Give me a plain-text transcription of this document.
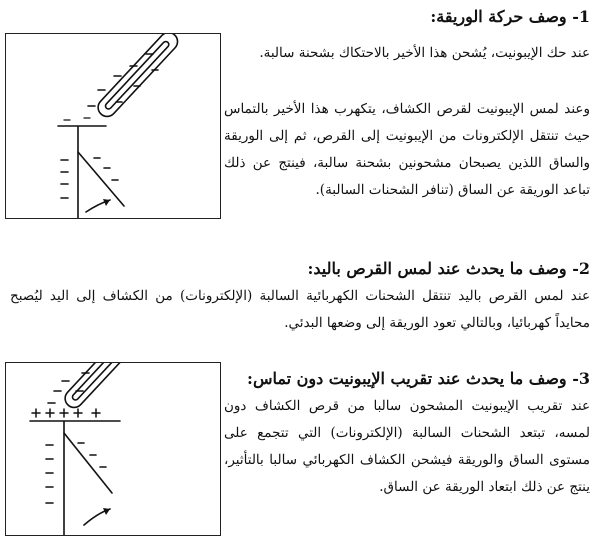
1- وصف حركة الوريقة:

عند حك الإيبونيت، يُشحن هذا الأخير بالاحتكاك بشحنة سالبة.

وعند لمس الإيبونيت لقرص الكشاف، يتكهرب هذا الأخير بالتماس حيث تنتقل الإلكترونات من الإيبونيت إلى القرص، ثم إلى الوريقة والساق اللذين يصبحان مشحونين بشحنة سالبة، فينتج عن ذلك تباعد الوريقة عن الساق (تنافر الشحنات السالبة).

2- وصف ما يحدث عند لمس القرص باليد:

عند لمس القرص باليد تنتقل الشحنات الكهربائية السالبة (الإلكترونات) من الكشاف إلى اليد ليُصبح محايداً كهربائيا، وبالتالي تعود الوريقة إلى وضعها البدئي.

3- وصف ما يحدث عند تقريب الإيبونيت دون تماس:

عند تقريب الإيبونيت المشحون سالبا من قرص الكشاف دون لمسه، تبتعد الشحنات السالبة (الإلكترونات) التي تتجمع على مستوى الساق والوريقة فيشحن الكشاف الكهربائي سالبا بالتأثير، ينتج عن ذلك ابتعاد الوريقة عن الساق.
